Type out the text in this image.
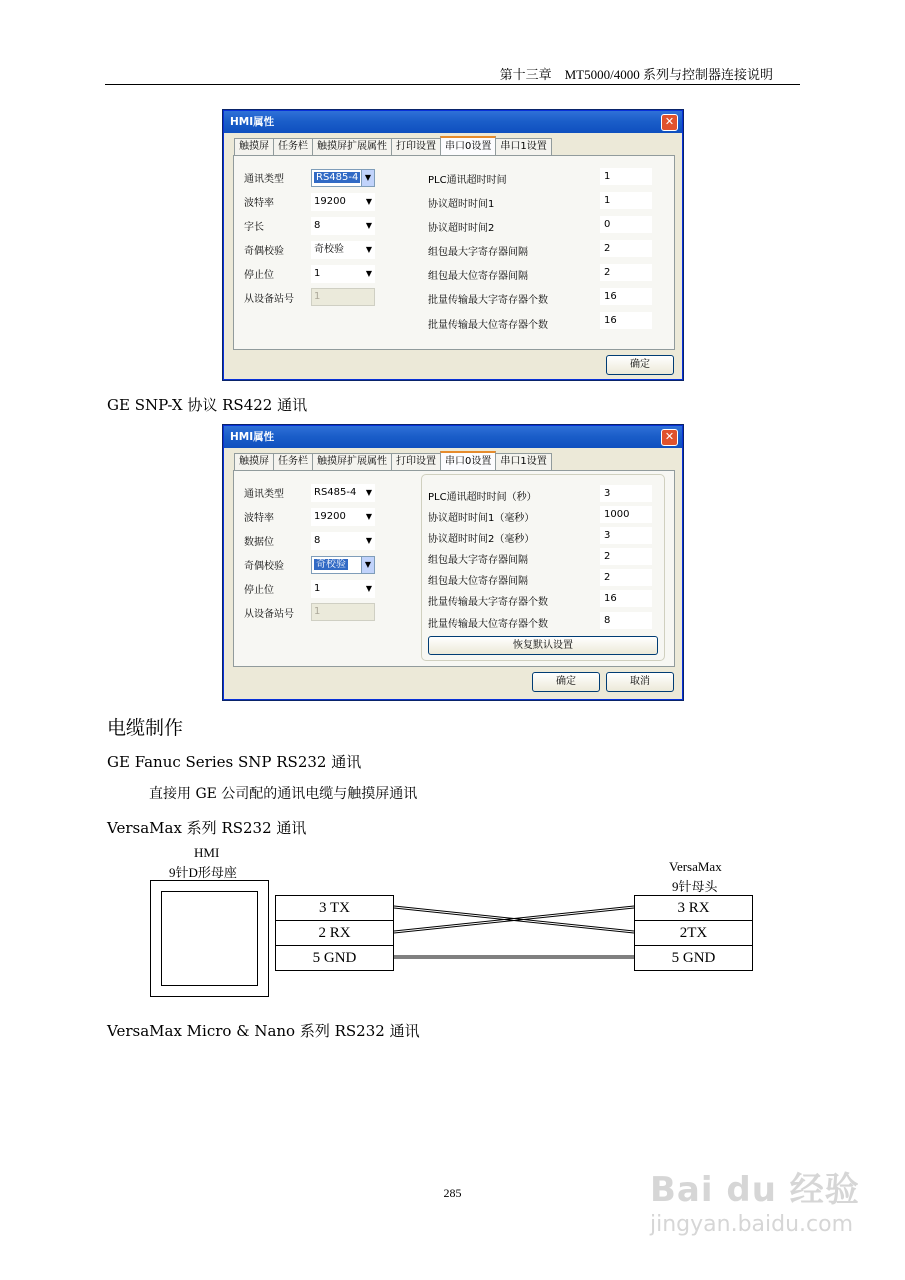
第十三章　MT5000/4000 系列与控制器连接说明
HMI属性	✕
触摸屏 任务栏 触摸屏扩展属性 打印设置 串口0设置 串口1设置
通讯类型	RS485-4 ▼
波特率	19200	▼
字长	8	▼
奇偶校验	奇校验	▼
停止位	1	▼
从设备站号	1
PLC通讯超时时间	1
协议超时时间1	1
协议超时时间2	0
组包最大字寄存器间隔	2
组包最大位寄存器间隔	2
批量传输最大字寄存器个数	16
批量传输最大位寄存器个数	16
确定
GE SNP-X 协议 RS422 通讯
HMI属性	✕
触摸屏 任务栏 触摸屏扩展属性 打印设置 串口0设置 串口1设置
通讯类型	RS485-4 ▼
波特率	19200	▼
数据位	8	▼
奇偶校验	奇校验	▼
停止位	1	▼
从设备站号	1
PLC通讯超时时间（秒）	3
协议超时时间1（毫秒）	1000
协议超时时间2（毫秒）	3
组包最大字寄存器间隔	2
组包最大位寄存器间隔	2
批量传输最大字寄存器个数	16
批量传输最大位寄存器个数	8
恢复默认设置
确定	取消
电缆制作
GE Fanuc Series SNP RS232 通讯
直接用 GE 公司配的通讯电缆与触摸屏通讯
VersaMax 系列 RS232 通讯
HMI
9针D形母座	VersaMax
9针母头
3 TX
2 RX
5 GND
3 RX
2TX
5 GND
VersaMax Micro & Nano 系列 RS232 通讯
285	Bai du 经验
jingyan.baidu.com
